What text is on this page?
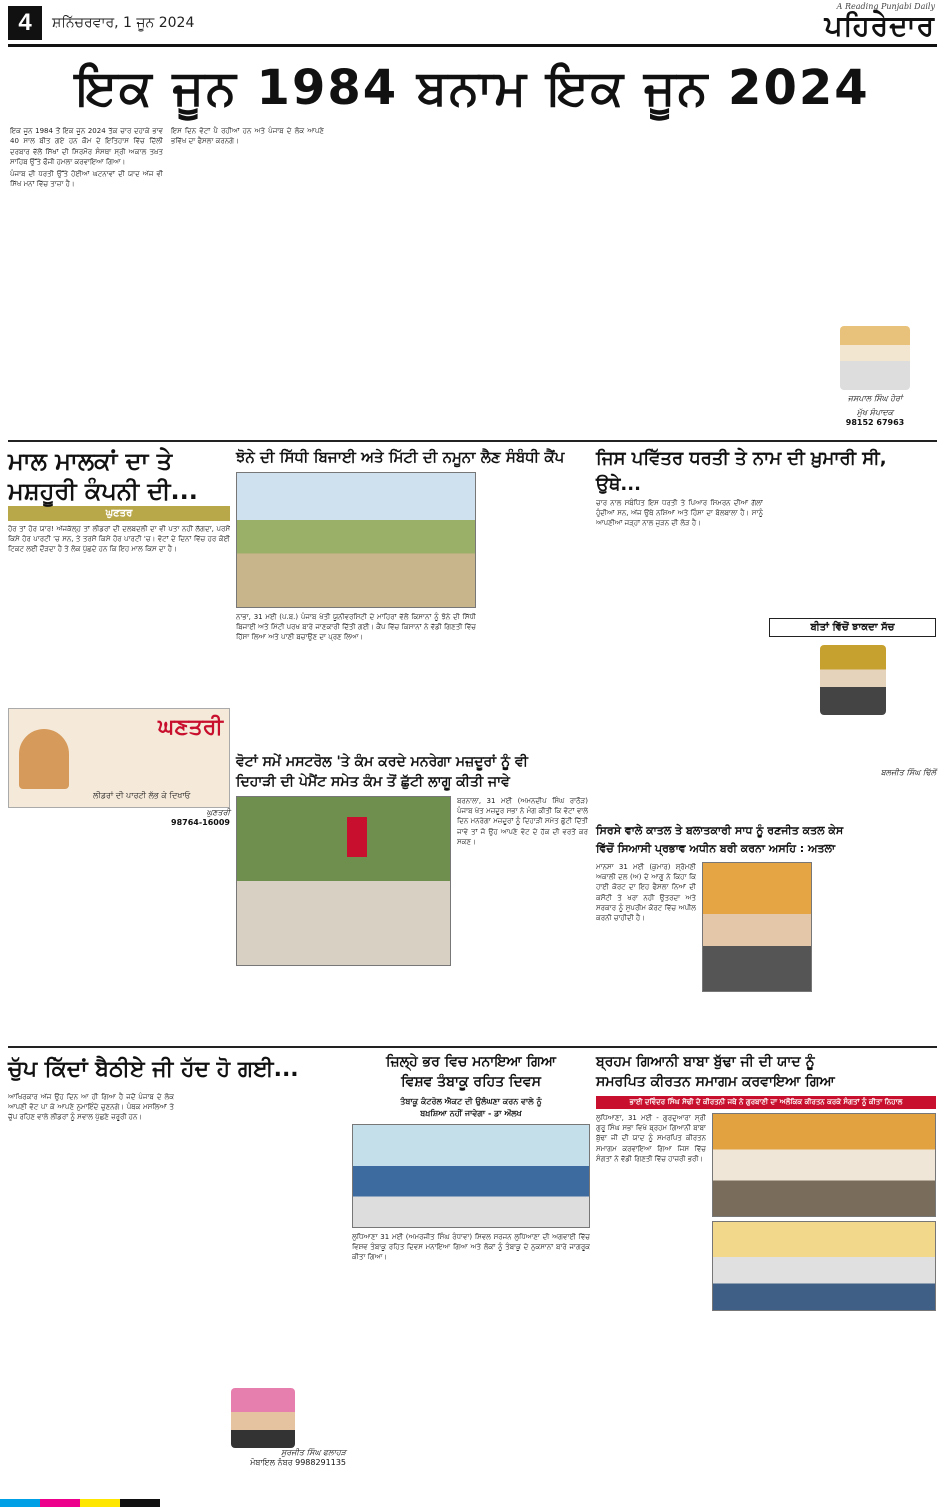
4	ਸ਼ਨਿੱਚਰਵਾਰ, 1 ਜੂਨ 2024
A Reading Punjabi Daily
ਪਹਿਰੇਦਾਰ
ਇਕ ਜੂਨ 1984 ਬਨਾਮ ਇਕ ਜੂਨ 2024

ਇਕ ਜੂਨ 1984 ਤੋਂ ਇਕ ਜੂਨ 2024 ਤੱਕ ਚਾਰ ਦਹਾਕੇ ਭਾਵ 40 ਸਾਲ ਬੀਤ ਗਏ ਹਨ ਕੌਮ ਦੇ ਇਤਿਹਾਸ ਵਿੱਚ ਦਿੱਲੀ ਦਰਬਾਰ ਵੱਲੋਂ ਸਿੱਖਾਂ ਦੀ ਸਿਰਮੌਰ ਸੰਸਥਾ ਸ੍ਰੀ ਅਕਾਲ ਤਖ਼ਤ ਸਾਹਿਬ ਉੱਤੇ ਫੌਜੀ ਹਮਲਾ ਕਰਵਾਇਆ ਗਿਆ।

ਪੰਜਾਬ ਦੀ ਧਰਤੀ ਉੱਤੇ ਹੋਈਆਂ ਘਟਨਾਵਾਂ ਦੀ ਯਾਦ ਅੱਜ ਵੀ ਸਿੱਖ ਮਨਾਂ ਵਿੱਚ ਤਾਜ਼ਾ ਹੈ।

ਇਸ ਦਿਨ ਵੋਟਾਂ ਪੈ ਰਹੀਆਂ ਹਨ ਅਤੇ ਪੰਜਾਬ ਦੇ ਲੋਕ ਆਪਣੇ ਭਵਿੱਖ ਦਾ ਫੈਸਲਾ ਕਰਨਗੇ।

ਜਸਪਾਲ ਸਿੰਘ ਹੇਰਾਂ
ਮੁੱਖ ਸੰਪਾਦਕ
98152 67963
ਮਾਲ ਮਾਲਕਾਂ ਦਾ ਤੇ
ਮਸ਼ਹੂਰੀ ਕੰਪਨੀ ਦੀ...
ਘੁਣਤਰ
ਹੋਰ ਤਾਂ ਹੋਰ ਯਾਰ! ਅੱਜਕੱਲ੍ਹ ਤਾਂ ਲੀਡਰਾਂ ਦੀ ਦਲਬਦਲੀ ਦਾ ਵੀ ਪਤਾ ਨਹੀਂ ਲੱਗਦਾ, ਪਰਸੋਂ ਕਿਸੇ ਹੋਰ ਪਾਰਟੀ 'ਚ ਸਨ, ਤੇ ਤਰਸੋਂ ਕਿਸੇ ਹੋਰ ਪਾਰਟੀ 'ਚ। ਵੋਟਾਂ ਦੇ ਦਿਨਾਂ ਵਿੱਚ ਹਰ ਕੋਈ ਟਿਕਟ ਲਈ ਦੌੜਦਾ ਹੈ ਤੇ ਲੋਕ ਪੁੱਛਦੇ ਹਨ ਕਿ ਇਹ ਮਾਲ ਕਿਸ ਦਾ ਹੈ।
ਘਣਤਰੀ
ਲੀਡਰਾਂ ਦੀ ਪਾਰਟੀ ਲੱਭ ਕੇ ਦਿਖਾਓ
ਘੁਣਤਰੀ
98764-16009
ਝੋਨੇ ਦੀ ਸਿੱਧੀ ਬਿਜਾਈ ਅਤੇ ਮਿੱਟੀ ਦੀ ਨਮੂਨਾ ਲੈਣ ਸੰਬੰਧੀ ਕੈਂਪ
ਨਾਭਾ, 31 ਮਈ (ਪ.ਬ.) ਪੰਜਾਬ ਖੇਤੀ ਯੂਨੀਵਰਸਿਟੀ ਦੇ ਮਾਹਿਰਾਂ ਵੱਲੋਂ ਕਿਸਾਨਾਂ ਨੂੰ ਝੋਨੇ ਦੀ ਸਿੱਧੀ ਬਿਜਾਈ ਅਤੇ ਮਿੱਟੀ ਪਰਖ ਬਾਰੇ ਜਾਣਕਾਰੀ ਦਿੱਤੀ ਗਈ। ਕੈਂਪ ਵਿੱਚ ਕਿਸਾਨਾਂ ਨੇ ਵੱਡੀ ਗਿਣਤੀ ਵਿੱਚ ਹਿੱਸਾ ਲਿਆ ਅਤੇ ਪਾਣੀ ਬਚਾਉਣ ਦਾ ਪ੍ਰਣ ਲਿਆ।
ਵੋਟਾਂ ਸਮੇਂ ਮਸਟਰੋਲ 'ਤੇ ਕੰਮ ਕਰਦੇ ਮਨਰੇਗਾ ਮਜ਼ਦੂਰਾਂ ਨੂੰ ਵੀ
ਦਿਹਾੜੀ ਦੀ ਪੇਮੈਂਟ ਸਮੇਤ ਕੰਮ ਤੋਂ ਛੁੱਟੀ ਲਾਗੂ ਕੀਤੀ ਜਾਵੇ
ਬਰਨਾਲਾ, 31 ਮਈ (ਅਮਨਦੀਪ ਸਿੰਘ ਰਾਠੌੜ) ਪੰਜਾਬ ਖੇਤ ਮਜ਼ਦੂਰ ਸਭਾ ਨੇ ਮੰਗ ਕੀਤੀ ਕਿ ਵੋਟਾਂ ਵਾਲੇ ਦਿਨ ਮਨਰੇਗਾ ਮਜ਼ਦੂਰਾਂ ਨੂੰ ਦਿਹਾੜੀ ਸਮੇਤ ਛੁੱਟੀ ਦਿੱਤੀ ਜਾਵੇ ਤਾਂ ਜੋ ਉਹ ਆਪਣੇ ਵੋਟ ਦੇ ਹੱਕ ਦੀ ਵਰਤੋਂ ਕਰ ਸਕਣ।
ਜਿਸ ਪਵਿੱਤਰ ਧਰਤੀ ਤੇ ਨਾਮ ਦੀ ਖ਼ੁਮਾਰੀ ਸੀ, ਉਥੇ...
ਚਾਰ ਨਾਲ ਸਬੰਧਿਤ ਇਸ ਧਰਤੀ ਤੇ ਪਿਆਰ ਸਿਮਰਨ ਦੀਆਂ ਗੱਲਾਂ ਹੁੰਦੀਆਂ ਸਨ, ਅੱਜ ਉਥੇ ਨਸ਼ਿਆਂ ਅਤੇ ਹਿੰਸਾ ਦਾ ਬੋਲਬਾਲਾ ਹੈ। ਸਾਨੂੰ ਆਪਣੀਆਂ ਜੜ੍ਹਾਂ ਨਾਲ ਜੁੜਨ ਦੀ ਲੋੜ ਹੈ।
ਬੀਤਾਂ ਵਿੱਚੋਂ ਝਾਕਦਾ ਸੱਚ
ਬਲਜੀਤ ਸਿੰਘ ਢਿੱਲੋਂ
ਸਿਰਸੇ ਵਾਲੇ ਕਾਤਲ ਤੇ ਬਲਾਤਕਾਰੀ ਸਾਧ ਨੂੰ ਰਣਜੀਤ ਕਤਲ ਕੇਸ
ਵਿੱਚੋਂ ਸਿਆਸੀ ਪ੍ਰਭਾਵ ਅਧੀਨ ਬਰੀ ਕਰਨਾ ਅਸਹਿ : ਅਤਲਾ
ਮਾਨਸਾ 31 ਮਈ (ਕੁਮਾਰ) ਸ਼੍ਰੋਮਣੀ ਅਕਾਲੀ ਦਲ (ਅ) ਦੇ ਆਗੂ ਨੇ ਕਿਹਾ ਕਿ ਹਾਈ ਕੋਰਟ ਦਾ ਇਹ ਫੈਸਲਾ ਨਿਆਂ ਦੀ ਕਸੌਟੀ ਤੇ ਖਰਾ ਨਹੀਂ ਉਤਰਦਾ ਅਤੇ ਸਰਕਾਰ ਨੂੰ ਸੁਪਰੀਮ ਕੋਰਟ ਵਿੱਚ ਅਪੀਲ ਕਰਨੀ ਚਾਹੀਦੀ ਹੈ।
ਚੁੱਪ ਕਿੱਦਾਂ ਬੈਠੀਏ ਜੀ ਹੱਦ ਹੋ ਗਈ...
ਆਖਿਰਕਾਰ ਅੱਜ ਉਹ ਦਿਨ ਆ ਹੀ ਗਿਆ ਹੈ ਜਦੋਂ ਪੰਜਾਬ ਦੇ ਲੋਕ ਆਪਣੀ ਵੋਟ ਪਾ ਕੇ ਆਪਣੇ ਨੁਮਾਇੰਦੇ ਚੁਣਨਗੇ। ਪੰਥਕ ਮਸਲਿਆਂ ਤੇ ਚੁੱਪ ਰਹਿਣ ਵਾਲੇ ਲੀਡਰਾਂ ਨੂੰ ਸਵਾਲ ਪੁੱਛਣੇ ਜ਼ਰੂਰੀ ਹਨ।
ਸੁਰਜੀਤ ਸਿੰਘ ਫਲਾਹੜ
ਮੋਬਾਇਲ ਨੰਬਰ 9988291135
ਜ਼ਿਲ੍ਹੇ ਭਰ ਵਿਚ ਮਨਾਇਆ ਗਿਆ
ਵਿਸ਼ਵ ਤੰਬਾਕੂ ਰਹਿਤ ਦਿਵਸ
ਤੰਬਾਕੂ ਕੰਟਰੋਲ ਐਕਟ ਦੀ ਉਲੰਘਣਾ ਕਰਨ ਵਾਲੇ ਨੂੰ
ਬਖ਼ਸ਼ਿਆ ਨਹੀਂ ਜਾਵੇਗਾ - ਡਾ ਔਲਖ
ਲੁਧਿਆਣਾ 31 ਮਈ (ਅਮਰਜੀਤ ਸਿੰਘ ਰੰਧਾਵਾ) ਸਿਵਲ ਸਰਜਨ ਲੁਧਿਆਣਾ ਦੀ ਅਗਵਾਈ ਵਿੱਚ ਵਿਸ਼ਵ ਤੰਬਾਕੂ ਰਹਿਤ ਦਿਵਸ ਮਨਾਇਆ ਗਿਆ ਅਤੇ ਲੋਕਾਂ ਨੂੰ ਤੰਬਾਕੂ ਦੇ ਨੁਕਸਾਨਾਂ ਬਾਰੇ ਜਾਗਰੂਕ ਕੀਤਾ ਗਿਆ।
ਬ੍ਰਹਮ ਗਿਆਨੀ ਬਾਬਾ ਬੁੱਢਾ ਜੀ ਦੀ ਯਾਦ ਨੂੰ
ਸਮਰਪਿਤ ਕੀਰਤਨ ਸਮਾਗਮ ਕਰਵਾਇਆ ਗਿਆ
ਭਾਈ ਦਵਿੰਦਰ ਸਿੰਘ ਸੋਢੀ ਦੇ ਕੀਰਤਨੀ ਜਥੇ ਨੇ ਗੁਰਬਾਣੀ ਦਾ ਅਲੌਕਿਕ ਕੀਰਤਨ ਕਰਕੇ ਸੰਗਤਾਂ ਨੂੰ ਕੀਤਾ ਨਿਹਾਲ
ਲੁਧਿਆਣਾ, 31 ਮਈ - ਗੁਰਦੁਆਰਾ ਸ੍ਰੀ ਗੁਰੂ ਸਿੰਘ ਸਭਾ ਵਿਖੇ ਬ੍ਰਹਮ ਗਿਆਨੀ ਬਾਬਾ ਬੁੱਢਾ ਜੀ ਦੀ ਯਾਦ ਨੂੰ ਸਮਰਪਿਤ ਕੀਰਤਨ ਸਮਾਗਮ ਕਰਵਾਇਆ ਗਿਆ ਜਿਸ ਵਿੱਚ ਸੰਗਤਾਂ ਨੇ ਵੱਡੀ ਗਿਣਤੀ ਵਿੱਚ ਹਾਜ਼ਰੀ ਭਰੀ।
